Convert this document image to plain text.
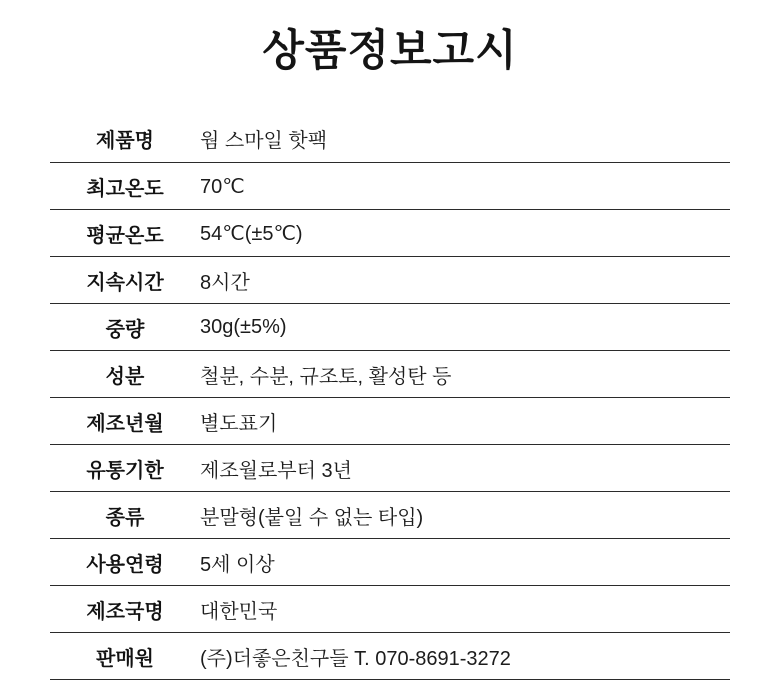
상품정보고시
제품명	웜 스마일 핫팩
최고온도	70℃
평균온도	54℃(±5℃)
지속시간	8시간
중량	30g(±5%)
성분	철분, 수분, 규조토, 활성탄 등
제조년월	별도표기
유통기한	제조월로부터 3년
종류	분말형(붙일 수 없는 타입)
사용연령	5세 이상
제조국명	대한민국
판매원	(주)더좋은친구들 T. 070-8691-3272
